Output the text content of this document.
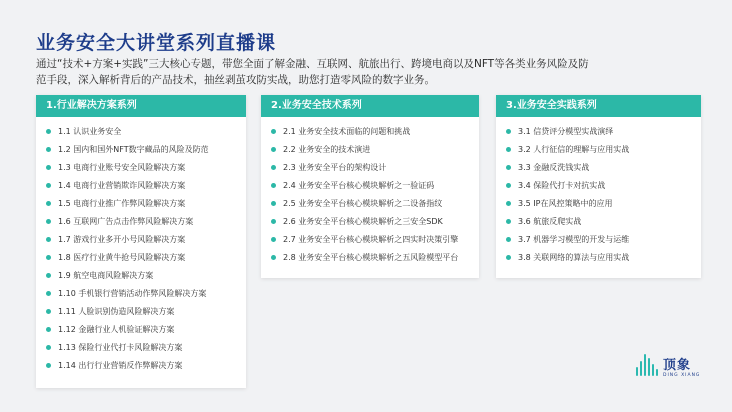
业务安全大讲堂系列直播课
通过“技术+方案+实践”三大核心专题，带您全面了解金融、互联网、航旅出行、跨境电商以及NFT等各类业务风险及防范手段，深入解析背后的产品技术，抽丝剥茧攻防实战，助您打造零风险的数字业务。
1.行业解决方案系列
1.1 认识业务安全
1.2 国内和国外NFT数字藏品的风险及防范
1.3 电商行业账号安全风险解决方案
1.4 电商行业营销欺诈风险解决方案
1.5 电商行业推广作弊风险解决方案
1.6 互联网广告点击作弊风险解决方案
1.7 游戏行业多开小号风险解决方案
1.8 医疗行业黄牛抢号风险解决方案
1.9 航空电商风险解决方案
1.10 手机银行营销活动作弊风险解决方案
1.11 人脸识别伪造风险解决方案
1.12 金融行业人机验证解决方案
1.13 保险行业代打卡风险解决方案
1.14 出行行业营销反作弊解决方案
2.业务安全技术系列
2.1 业务安全技术面临的问题和挑战
2.2 业务安全的技术演进
2.3 业务安全平台的架构设计
2.4 业务安全平台核心模块解析之一验证码
2.5 业务安全平台核心模块解析之二设备指纹
2.6 业务安全平台核心模块解析之三安全SDK
2.7 业务安全平台核心模块解析之四实时决策引擎
2.8 业务安全平台核心模块解析之五风险模型平台
3.业务安全实践系列
3.1 信贷评分模型实战演绎
3.2 人行征信的理解与应用实战
3.3 金融反洗钱实战
3.4 保险代打卡对抗实战
3.5 IP在风控策略中的应用
3.6 航旅反爬实战
3.7 机器学习模型的开发与运维
3.8 关联网络的算法与应用实战
顶象
DING XIANG
